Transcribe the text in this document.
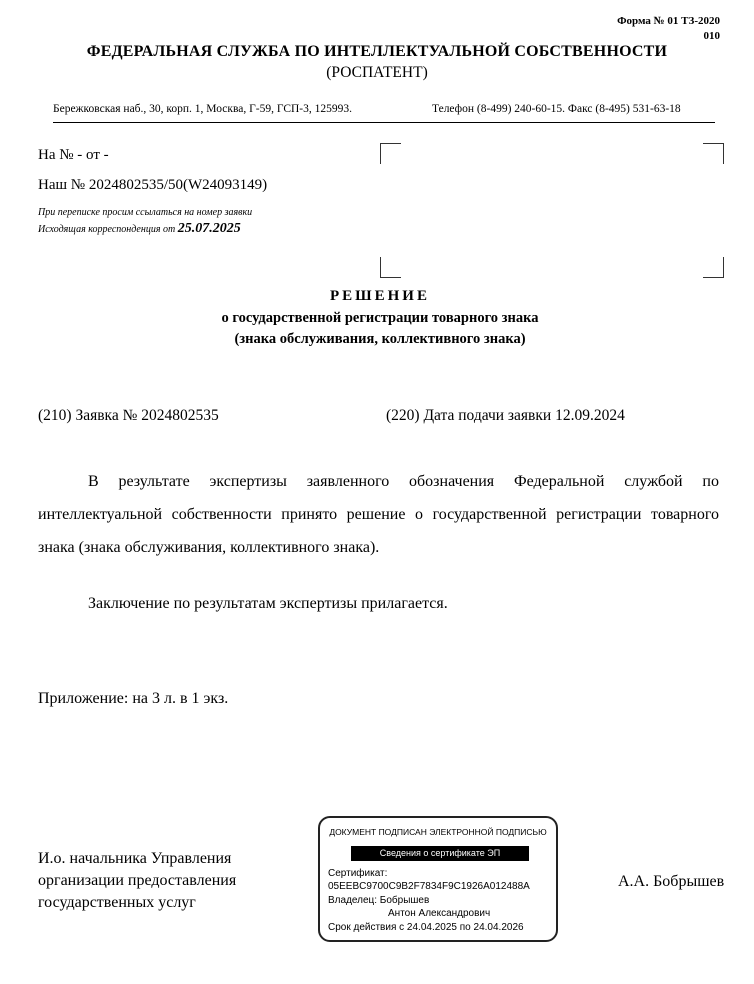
Форма № 01 ТЗ-2020
010
ФЕДЕРАЛЬНАЯ СЛУЖБА ПО ИНТЕЛЛЕКТУАЛЬНОЙ СОБСТВЕННОСТИ
(РОСПАТЕНТ)
Бережковская наб., 30, корп. 1, Москва, Г-59, ГСП-3, 125993.	Телефон (8-499) 240-60-15. Факс (8-495) 531-63-18
На № - от -
Наш № 2024802535/50(W24093149)
При переписке просим ссылаться на номер заявки
Исходящая корреспонденция от 25.07.2025
РЕШЕНИЕ
о государственной регистрации товарного знака
(знака обслуживания, коллективного знака)
(210) Заявка № 2024802535	(220) Дата подачи заявки 12.09.2024
В результате экспертизы заявленного обозначения Федеральной службой по интеллектуальной собственности принято решение о государственной регистрации товарного знака (знака обслуживания, коллективного знака).
Заключение по результатам экспертизы прилагается.
Приложение: на 3 л. в 1 экз.
И.о. начальника Управления
организации предоставления
государственных услуг
А.А. Бобрышев
ДОКУМЕНТ ПОДПИСАН ЭЛЕКТРОННОЙ ПОДПИСЬЮ
Сведения о сертификате ЭП
Сертификат:
05EEBC9700C9B2F7834F9C1926A012488A
Владелец: Бобрышев
Антон Александрович
Срок действия с 24.04.2025 по 24.04.2026
